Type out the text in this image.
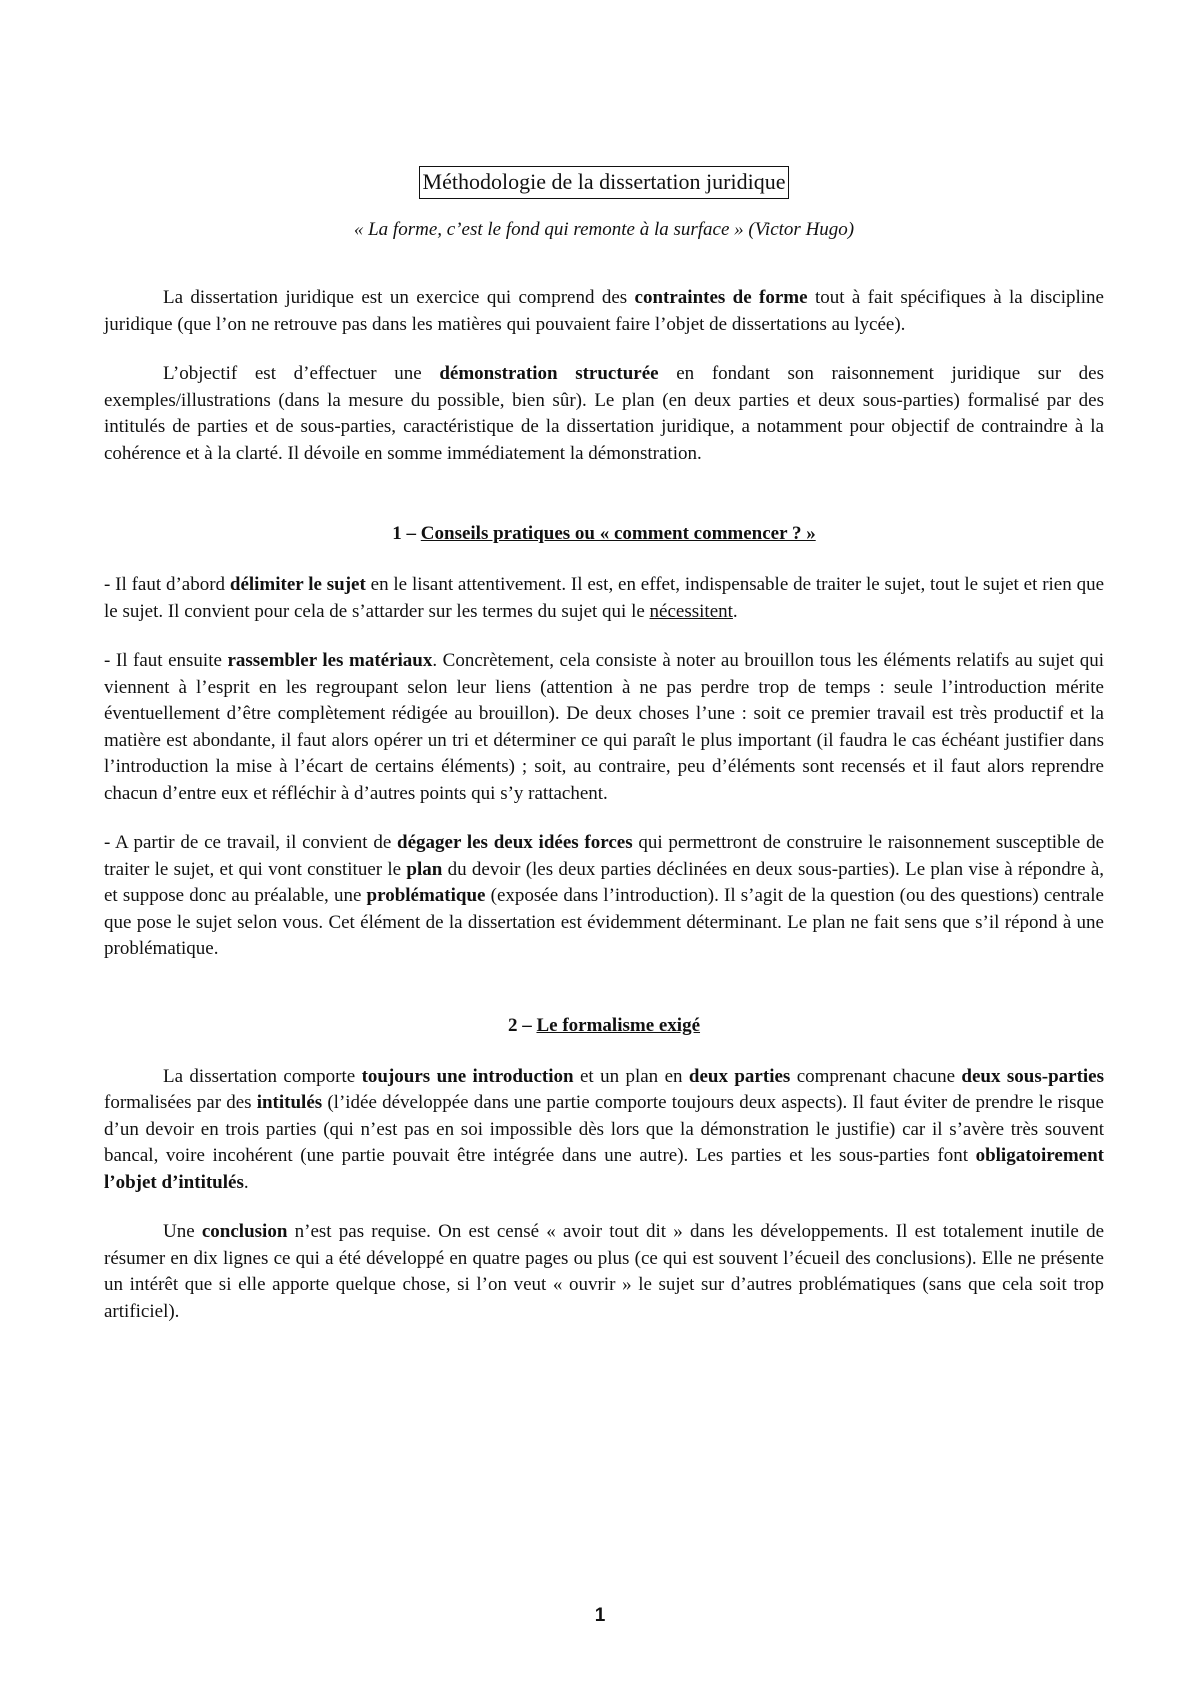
Méthodologie de la dissertation juridique
« La forme, c’est le fond qui remonte à la surface » (Victor Hugo)

La dissertation juridique est un exercice qui comprend des contraintes de forme tout à fait spécifiques à la discipline juridique (que l’on ne retrouve pas dans les matières qui pouvaient faire l’objet de dissertations au lycée).

L’objectif est d’effectuer une démonstration structurée en fondant son raisonnement juridique sur des exemples/illustrations (dans la mesure du possible, bien sûr). Le plan (en deux parties et deux sous-parties) formalisé par des intitulés de parties et de sous-parties, caractéristique de la dissertation juridique, a notamment pour objectif de contraindre à la cohérence et à la clarté. Il dévoile en somme immédiatement la démonstration.

1 – Conseils pratiques ou « comment commencer ? »

- Il faut d’abord délimiter le sujet en le lisant attentivement. Il est, en effet, indispensable de traiter le sujet, tout le sujet et rien que le sujet. Il convient pour cela de s’attarder sur les termes du sujet qui le nécessitent.

- Il faut ensuite rassembler les matériaux. Concrètement, cela consiste à noter au brouillon tous les éléments relatifs au sujet qui viennent à l’esprit en les regroupant selon leur liens (attention à ne pas perdre trop de temps : seule l’introduction mérite éventuellement d’être complètement rédigée au brouillon). De deux choses l’une : soit ce premier travail est très productif et la matière est abondante, il faut alors opérer un tri et déterminer ce qui paraît le plus important (il faudra le cas échéant justifier dans l’introduction la mise à l’écart de certains éléments) ; soit, au contraire, peu d’éléments sont recensés et il faut alors reprendre chacun d’entre eux et réfléchir à d’autres points qui s’y rattachent.

- A partir de ce travail, il convient de dégager les deux idées forces qui permettront de construire le raisonnement susceptible de traiter le sujet, et qui vont constituer le plan du devoir (les deux parties déclinées en deux sous-parties). Le plan vise à répondre à, et suppose donc au préalable, une problématique (exposée dans l’introduction). Il s’agit de la question (ou des questions) centrale que pose le sujet selon vous. Cet élément de la dissertation est évidemment déterminant. Le plan ne fait sens que s’il répond à une problématique.

2 – Le formalisme exigé

La dissertation comporte toujours une introduction et un plan en deux parties comprenant chacune deux sous-parties formalisées par des intitulés (l’idée développée dans une partie comporte toujours deux aspects). Il faut éviter de prendre le risque d’un devoir en trois parties (qui n’est pas en soi impossible dès lors que la démonstration le justifie) car il s’avère très souvent bancal, voire incohérent (une partie pouvait être intégrée dans une autre). Les parties et les sous-parties font obligatoirement l’objet d’intitulés.

Une conclusion n’est pas requise. On est censé « avoir tout dit » dans les développements. Il est totalement inutile de résumer en dix lignes ce qui a été développé en quatre pages ou plus (ce qui est souvent l’écueil des conclusions). Elle ne présente un intérêt que si elle apporte quelque chose, si l’on veut « ouvrir » le sujet sur d’autres problématiques (sans que cela soit trop artificiel).

1
